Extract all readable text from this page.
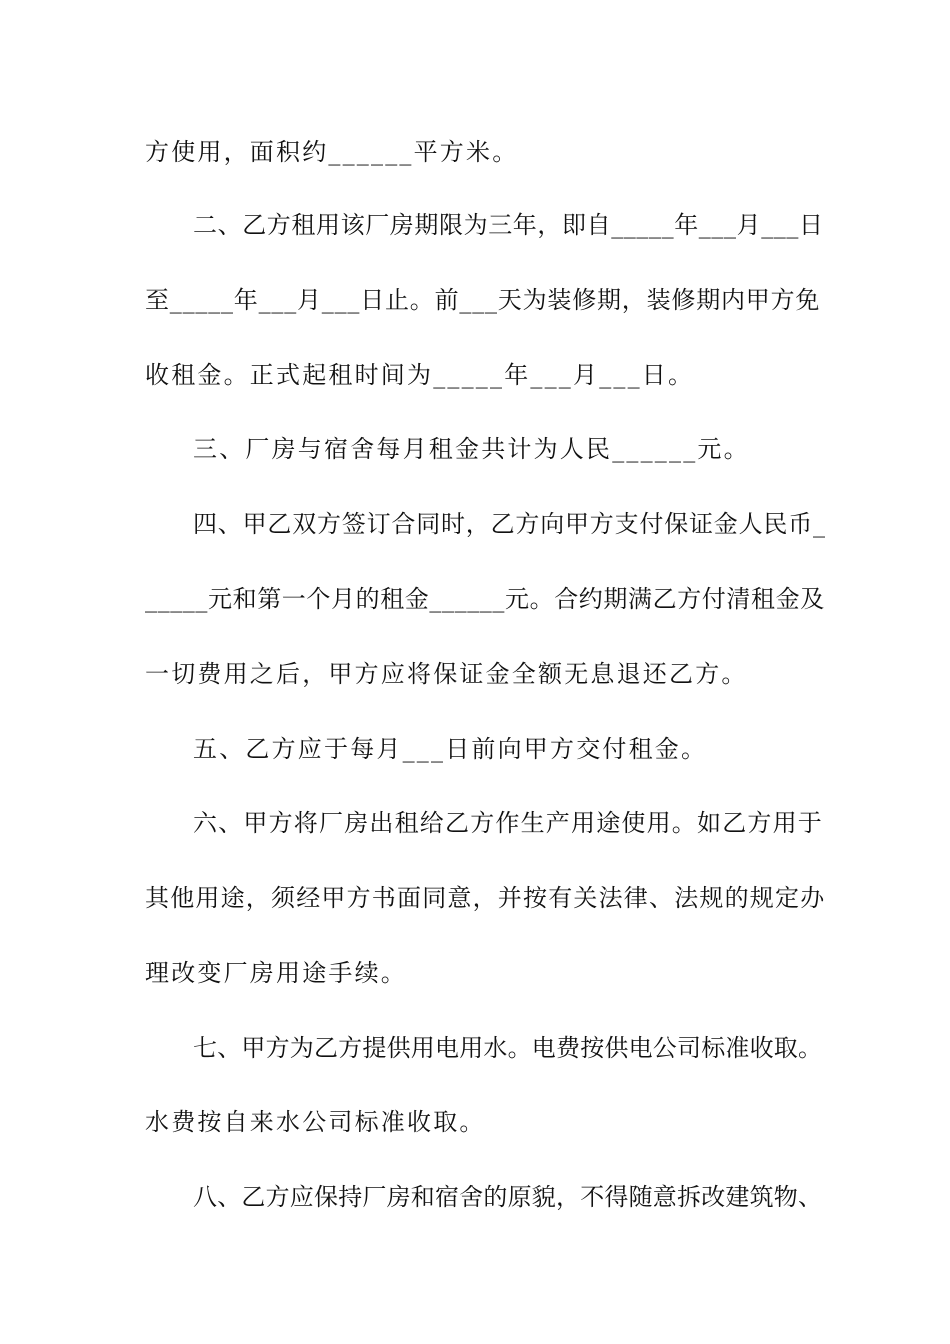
方使用，面积约______平方米。
二、乙方租用该厂房期限为三年，即自_____年___月___日
至_____年___月___日止。前___天为装修期，装修期内甲方免
收租金。正式起租时间为_____年___月___日。
三、厂房与宿舍每月租金共计为人民______元。
四、甲乙双方签订合同时，乙方向甲方支付保证金人民币_
_____元和第一个月的租金______元。合约期满乙方付清租金及
一切费用之后，甲方应将保证金全额无息退还乙方。
五、乙方应于每月___日前向甲方交付租金。
六、甲方将厂房出租给乙方作生产用途使用。如乙方用于
其他用途，须经甲方书面同意，并按有关法律、法规的规定办
理改变厂房用途手续。
七、甲方为乙方提供用电用水。电费按供电公司标准收取。
水费按自来水公司标准收取。
八、乙方应保持厂房和宿舍的原貌，不得随意拆改建筑物、
